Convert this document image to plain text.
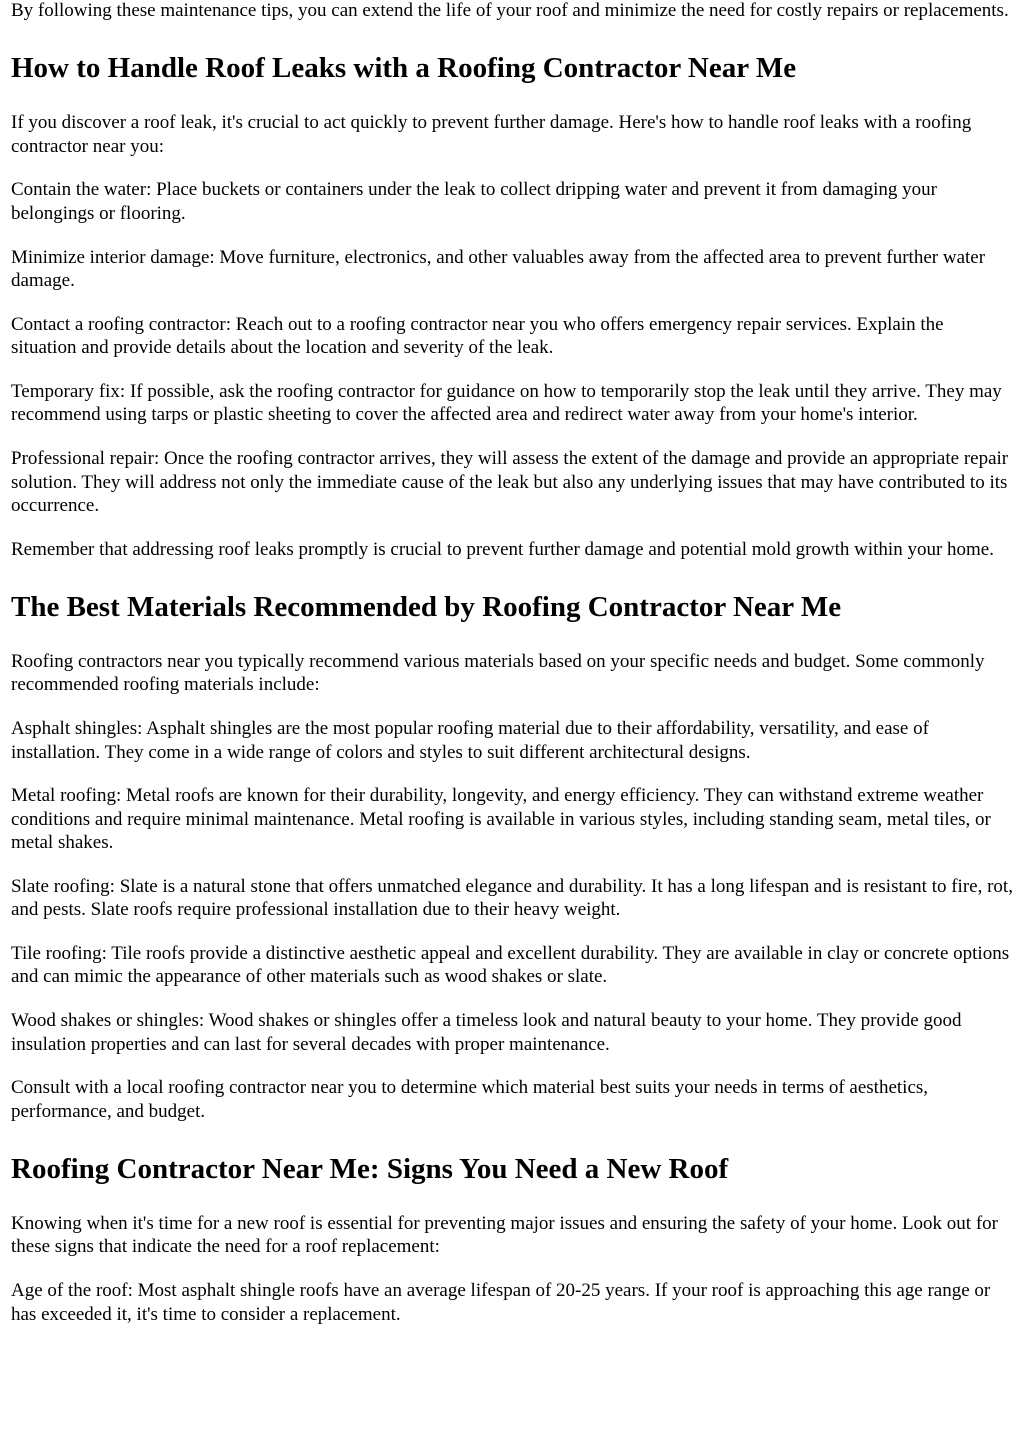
By following these maintenance tips, you can extend the life of your roof and minimize the need for costly repairs or replacements.

How to Handle Roof Leaks with a Roofing Contractor Near Me

If you discover a roof leak, it's crucial to act quickly to prevent further damage. Here's how to handle roof leaks with a roofing contractor near you:

Contain the water: Place buckets or containers under the leak to collect dripping water and prevent it from damaging your belongings or flooring.

Minimize interior damage: Move furniture, electronics, and other valuables away from the affected area to prevent further water damage.

Contact a roofing contractor: Reach out to a roofing contractor near you who offers emergency repair services. Explain the situation and provide details about the location and severity of the leak.

Temporary fix: If possible, ask the roofing contractor for guidance on how to temporarily stop the leak until they arrive. They may recommend using tarps or plastic sheeting to cover the affected area and redirect water away from your home's interior.

Professional repair: Once the roofing contractor arrives, they will assess the extent of the damage and provide an appropriate repair solution. They will address not only the immediate cause of the leak but also any underlying issues that may have contributed to its occurrence.

Remember that addressing roof leaks promptly is crucial to prevent further damage and potential mold growth within your home.

The Best Materials Recommended by Roofing Contractor Near Me

Roofing contractors near you typically recommend various materials based on your specific needs and budget. Some commonly recommended roofing materials include:

Asphalt shingles: Asphalt shingles are the most popular roofing material due to their affordability, versatility, and ease of installation. They come in a wide range of colors and styles to suit different architectural designs.

Metal roofing: Metal roofs are known for their durability, longevity, and energy efficiency. They can withstand extreme weather conditions and require minimal maintenance. Metal roofing is available in various styles, including standing seam, metal tiles, or metal shakes.

Slate roofing: Slate is a natural stone that offers unmatched elegance and durability. It has a long lifespan and is resistant to fire, rot, and pests. Slate roofs require professional installation due to their heavy weight.

Tile roofing: Tile roofs provide a distinctive aesthetic appeal and excellent durability. They are available in clay or concrete options and can mimic the appearance of other materials such as wood shakes or slate.

Wood shakes or shingles: Wood shakes or shingles offer a timeless look and natural beauty to your home. They provide good insulation properties and can last for several decades with proper maintenance.

Consult with a local roofing contractor near you to determine which material best suits your needs in terms of aesthetics, performance, and budget.

Roofing Contractor Near Me: Signs You Need a New Roof

Knowing when it's time for a new roof is essential for preventing major issues and ensuring the safety of your home. Look out for these signs that indicate the need for a roof replacement:

Age of the roof: Most asphalt shingle roofs have an average lifespan of 20-25 years. If your roof is approaching this age range or has exceeded it, it's time to consider a replacement.
